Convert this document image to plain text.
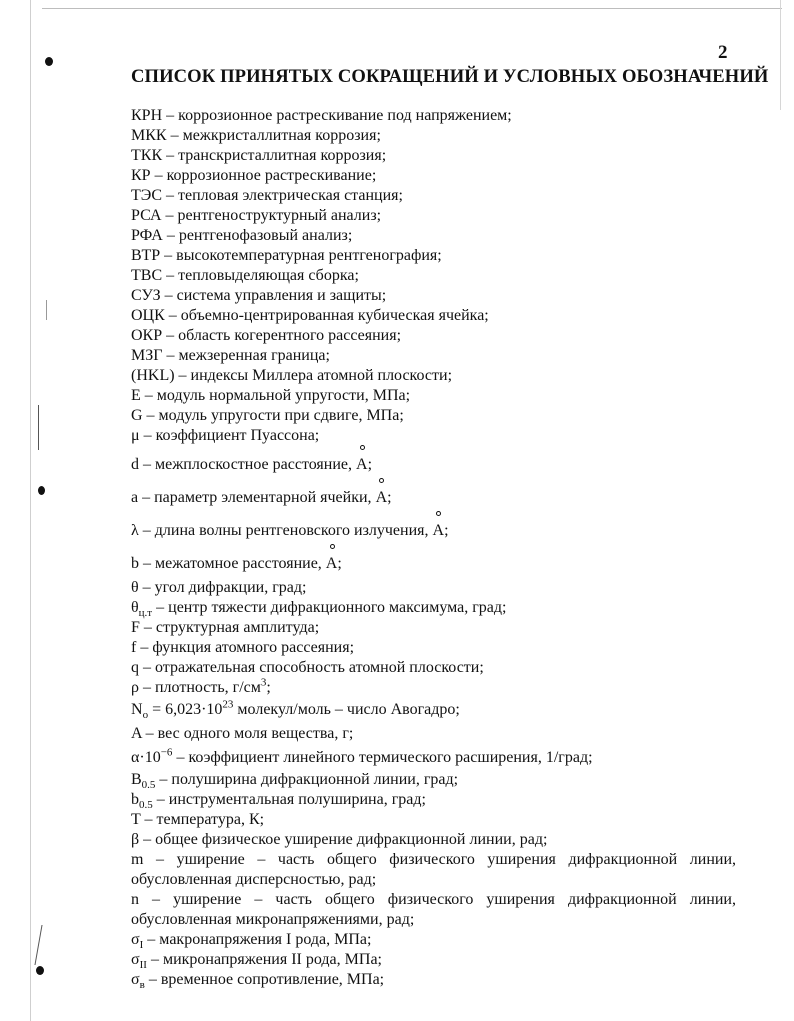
2
СПИСОК ПРИНЯТЫХ СОКРАЩЕНИЙ И УСЛОВНЫХ ОБОЗНАЧЕНИЙ
КРН – коррозионное растрескивание под напряжением;
МКК – межкристаллитная коррозия;
ТКК – транскристаллитная коррозия;
КР – коррозионное растрескивание;
ТЭС – тепловая электрическая станция;
РСА – рентгеноструктурный анализ;
РФА – рентгенофазовый анализ;
ВТР – высокотемпературная рентгенография;
ТВС – тепловыделяющая сборка;
СУЗ – система управления и защиты;
ОЦК – объемно-центрированная кубическая ячейка;
ОКР – область когерентного рассеяния;
МЗГ – межзеренная граница;
(HKL) – индексы Миллера атомной плоскости;
E – модуль нормальной упругости, МПа;
G – модуль упругости при сдвиге, МПа;
μ – коэффициент Пуассона;
d – межплоскостное расстояние, A;
a – параметр элементарной ячейки, A;
λ – длина волны рентгеновского излучения, A;
b – межатомное расстояние, A;
θ – угол дифракции, град;
$\theta_{ц.т}$ – центр тяжести дифракционного максимума, град;
F – структурная амплитуда;
f – функция атомного рассеяния;
q – отражательная способность атомной плоскости;
ρ – плотность, $г/см^3$;
$N_o = 6,023\cdot 10^{23}$ молекул/моль – число Авогадро;
A – вес одного моля вещества, г;
$\alpha\cdot 10^{-6}$ – коэффициент линейного термического расширения, 1/град;
$B_{0.5}$ – полуширина дифракционной линии, град;
$b_{0.5}$ – инструментальная полуширина, град;
T – температура, К;
β – общее физическое уширение дифракционной линии, рад;
m – уширение – часть общего физического уширения дифракционной линии,
обусловленная дисперсностью, рад;
n – уширение – часть общего физического уширения дифракционной линии,
обусловленная микронапряжениями, рад;
$\sigma_I$ – макронапряжения I рода, МПа;
$\sigma_{II}$ – микронапряжения II рода, МПа;
$\sigma_в$ – временное сопротивление, МПа;
